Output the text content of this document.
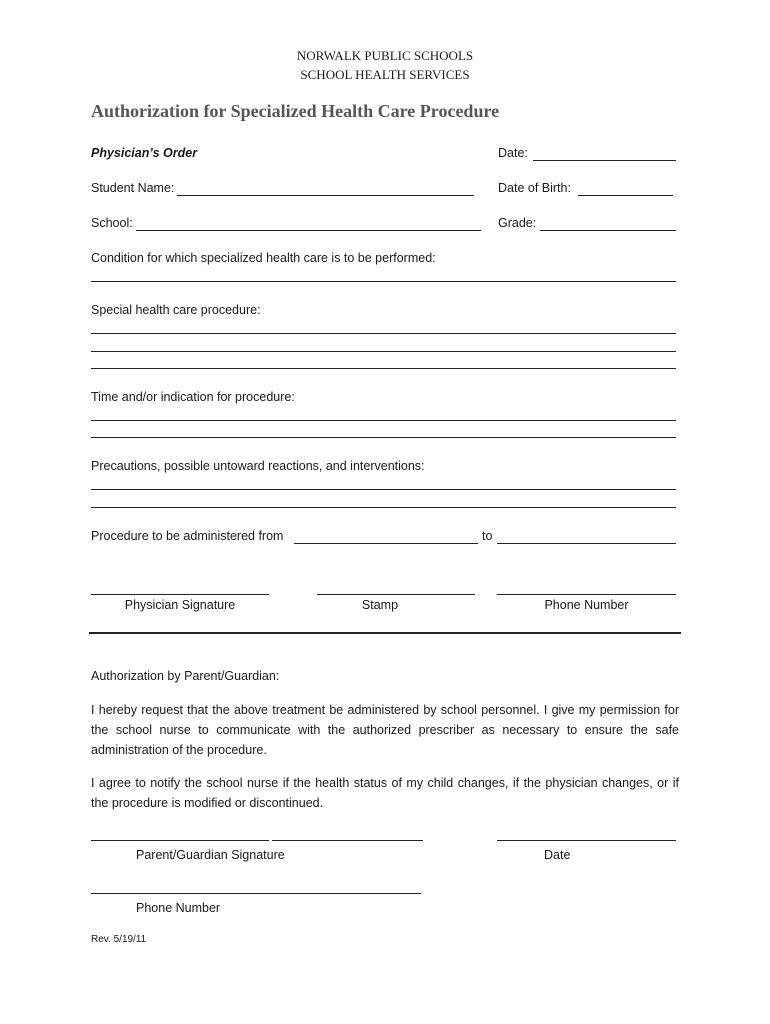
NORWALK PUBLIC SCHOOLS
SCHOOL HEALTH SERVICES
Authorization for Specialized Health Care Procedure
Physician’s Order	Date:
Student Name:	Date of Birth:
School:	Grade:
Condition for which specialized health care is to be performed:
Special health care procedure:
Time and/or indication for procedure:
Precautions, possible untoward reactions, and interventions:
Procedure to be administered from	to
Physician Signature	Stamp	Phone Number
Authorization by Parent/Guardian:
I hereby request that the above treatment be administered by school personnel. I give my permission for the school nurse to communicate with the authorized prescriber as necessary to ensure the safe administration of the procedure.
I agree to notify the school nurse if the health status of my child changes, if the physician changes, or if the procedure is modified or discontinued.
Parent/Guardian Signature	Date
Phone Number
Rev. 5/19/11
